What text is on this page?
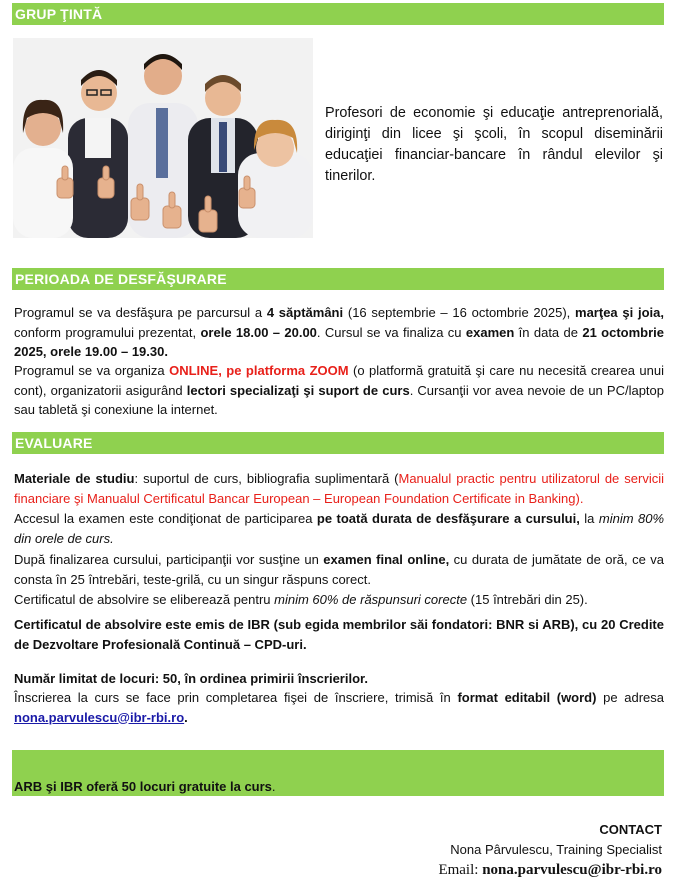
GRUP ŢINTĂ
Profesori de economie şi educaţie antreprenorială, diriginţi din licee şi şcoli, în scopul diseminării educaţiei financiar-bancare în rândul elevilor şi tinerilor.
PERIOADA DE DESFĂŞURARE
Programul se va desfăşura pe parcursul a 4 săptămâni (16 septembrie – 16 octombrie 2025), marţea şi joia, conform programului prezentat, orele 18.00 – 20.00. Cursul se va finaliza cu examen în data de 21 octombrie 2025, orele 19.00 – 19.30.
Programul se va organiza ONLINE, pe platforma ZOOM (o platformă gratuită şi care nu necesită crearea unui cont), organizatorii asigurând lectori specializaţi şi suport de curs. Cursanţii vor avea nevoie de un PC/laptop sau tabletă şi conexiune la internet.
EVALUARE
Materiale de studiu: suportul de curs, bibliografia suplimentară (Manualul practic pentru utilizatorul de servicii financiare şi Manualul Certificatul Bancar European – European Foundation Certificate in Banking).
Accesul la examen este condiţionat de participarea pe toată durata de desfăşurare a cursului, la minim 80% din orele de curs.
După finalizarea cursului, participanţii vor susţine un examen final online, cu durata de jumătate de oră, ce va consta în 25 întrebări, teste-grilă, cu un singur răspuns corect.
Certificatul de absolvire se eliberează pentru minim 60% de răspunsuri corecte (15 întrebări din 25).
Certificatul de absolvire este emis de IBR (sub egida membrilor săi fondatori: BNR si ARB), cu 20 Credite de Dezvoltare Profesională Continuă – CPD-uri.
Număr limitat de locuri: 50, în ordinea primirii înscrierilor.
Înscrierea la curs se face prin completarea fişei de înscriere, trimisă în format editabil (word) pe adresa nona.parvulescu@ibr-rbi.ro.
ARB şi IBR oferă 50 locuri gratuite la curs.
CONTACT
Nona Pârvulescu, Training Specialist
Email: nona.parvulescu@ibr-rbi.ro
